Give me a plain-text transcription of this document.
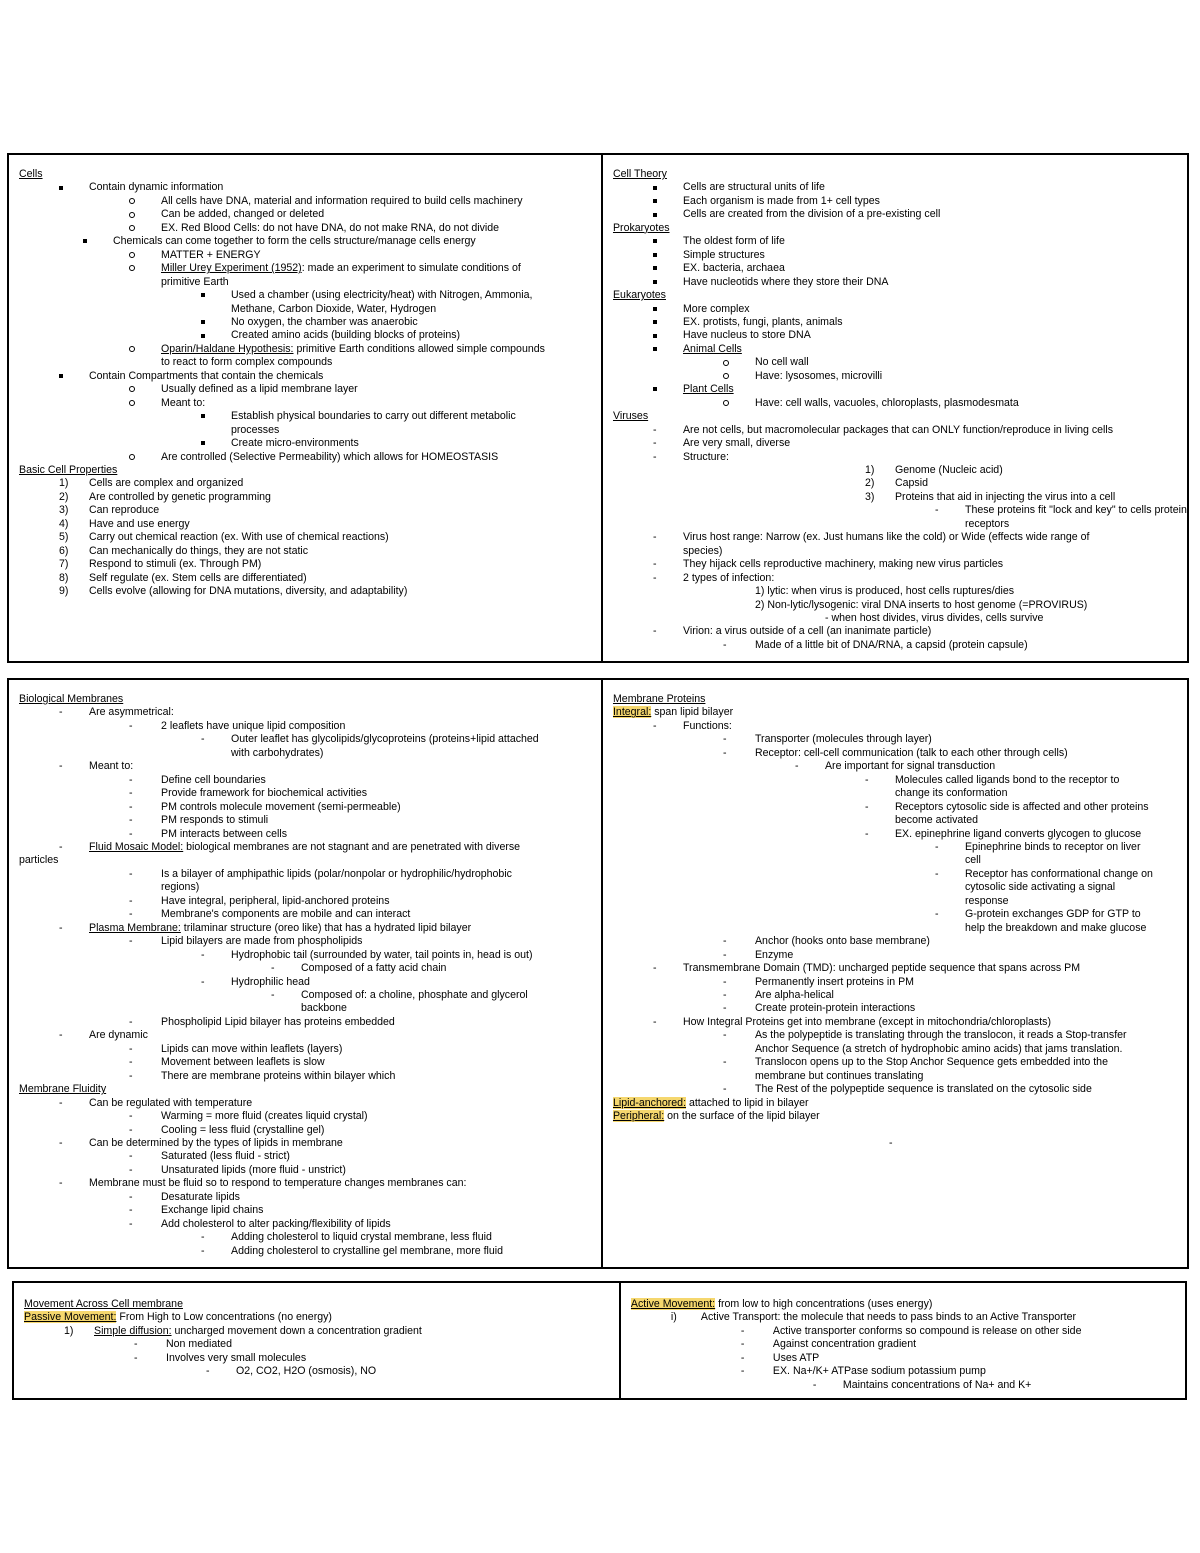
Cells
Contain dynamic information
All cells have DNA, material and information required to build cells machinery
Can be added, changed or deleted
EX. Red Blood Cells: do not have DNA, do not make RNA, do not divide
Chemicals can come together to form the cells structure/manage cells energy
MATTER + ENERGY
Miller Urey Experiment (1952): made an experiment to simulate conditions of
primitive Earth
Used a chamber (using electricity/heat) with Nitrogen, Ammonia,
Methane, Carbon Dioxide, Water, Hydrogen
No oxygen, the chamber was anaerobic
Created amino acids (building blocks of proteins)
Oparin/Haldane Hypothesis: primitive Earth conditions allowed simple compounds
to react to form complex compounds
Contain Compartments that contain the chemicals
Usually defined as a lipid membrane layer
Meant to:
Establish physical boundaries to carry out different metabolic
processes
Create micro-environments
Are controlled (Selective Permeability) which allows for HOMEOSTASIS
Basic Cell Properties
1) Cells are complex and organized
2) Are controlled by genetic programming
3) Can reproduce
4) Have and use energy
5) Carry out chemical reaction (ex. With use of chemical reactions)
6) Can mechanically do things, they are not static
7) Respond to stimuli (ex. Through PM)
8) Self regulate (ex. Stem cells are differentiated)
9) Cells evolve (allowing for DNA mutations, diversity, and adaptability)
Cell Theory
Cells are structural units of life
Each organism is made from 1+ cell types
Cells are created from the division of a pre-existing cell
Prokaryotes
The oldest form of life
Simple structures
EX. bacteria, archaea
Have nucleotids where they store their DNA
Eukaryotes
More complex
EX. protists, fungi, plants, animals
Have nucleus to store DNA
Animal Cells
No cell wall
Have: lysosomes, microvilli
Plant Cells
Have: cell walls, vacuoles, chloroplasts, plasmodesmata
Viruses
- Are not cells, but macromolecular packages that can ONLY function/reproduce in living cells
- Are very small, diverse
- Structure:
1) Genome (Nucleic acid)
2) Capsid
3) Proteins that aid in injecting the virus into a cell
- These proteins fit "lock and key" to cells protein
receptors
- Virus host range: Narrow (ex. Just humans like the cold) or Wide (effects wide range of
species)
- They hijack cells reproductive machinery, making new virus particles
- 2 types of infection:
1) lytic: when virus is produced, host cells ruptures/dies
2) Non-lytic/lysogenic: viral DNA inserts to host genome (=PROVIRUS)
- when host divides, virus divides, cells survive
- Virion: a virus outside of a cell (an inanimate particle)
-	Made of a little bit of DNA/RNA, a capsid (protein capsule)
Biological Membranes
- Are asymmetrical:
-	2 leaflets have unique lipid composition
- Outer leaflet has glycolipids/glycoproteins (proteins+lipid attached
with carbohydrates)
- Meant to:
-	Define cell boundaries
-	Provide framework for biochemical activities
-	PM controls molecule movement (semi-permeable)
-	PM responds to stimuli
-	PM interacts between cells
- Fluid Mosaic Model: biological membranes are not stagnant and are penetrated with diverse
particles
-	Is a bilayer of amphipathic lipids (polar/nonpolar or hydrophilic/hydrophobic
regions)
-	Have integral, peripheral, lipid-anchored proteins
-	Membrane's components are mobile and can interact
- Plasma Membrane: trilaminar structure (oreo like) that has a hydrated lipid bilayer
-	Lipid bilayers are made from phospholipids
- Hydrophobic tail (surrounded by water, tail points in, head is out)
- Composed of a fatty acid chain
- Hydrophilic head
- Composed of: a choline, phosphate and glycerol
backbone
-	Phospholipid Lipid bilayer has proteins embedded
- Are dynamic
-	Lipids can move within leaflets (layers)
-	Movement between leaflets is slow
-	There are membrane proteins within bilayer which
Membrane Fluidity
- Can be regulated with temperature
-	Warming = more fluid (creates liquid crystal)
-	Cooling = less fluid (crystalline gel)
- Can be determined by the types of lipids in membrane
-	Saturated (less fluid - strict)
-	Unsaturated lipids (more fluid - unstrict)
- Membrane must be fluid so to respond to temperature changes membranes can:
-	Desaturate lipids
-	Exchange lipid chains
-	Add cholesterol to alter packing/flexibility of lipids
- Adding cholesterol to liquid crystal membrane, less fluid
- Adding cholesterol to crystalline gel membrane, more fluid
Membrane Proteins
Integral: span lipid bilayer
- Functions:
-	Transporter (molecules through layer)
-	Receptor: cell-cell communication (talk to each other through cells)
- Are important for signal transduction
- Molecules called ligands bond to the receptor to
change its conformation
- Receptors cytosolic side is affected and other proteins
become activated
- EX. epinephrine ligand converts glycogen to glucose
- Epinephrine binds to receptor on liver
cell
- Receptor has conformational change on
cytosolic side activating a signal
response
- G-protein exchanges GDP for GTP to
help the breakdown and make glucose
-	Anchor (hooks onto base membrane)
-	Enzyme
- Transmembrane Domain (TMD): uncharged peptide sequence that spans across PM
-	Permanently insert proteins in PM
-	Are alpha-helical
-	Create protein-protein interactions
- How Integral Proteins get into membrane (except in mitochondria/chloroplasts)
-	As the polypeptide is translating through the translocon, it reads a Stop-transfer
Anchor Sequence (a stretch of hydrophobic amino acids) that jams translation.
-	Translocon opens up to the Stop Anchor Sequence gets embedded into the
membrane but continues translating
-	The Rest of the polypeptide sequence is translated on the cytosolic side
Lipid-anchored: attached to lipid in bilayer
Peripheral: on the surface of the lipid bilayer

-
Movement Across Cell membrane
Passive Movement: From High to Low concentrations (no energy)
1) Simple diffusion: uncharged movement down a concentration gradient
-	Non mediated
-	Involves very small molecules
- O2, CO2, H2O (osmosis), NO
Active Movement: from low to high concentrations (uses energy)
i) Active Transport: the molecule that needs to pass binds to an Active Transporter
-	Active transporter conforms so compound is release on other side
-	Against concentration gradient
-	Uses ATP
-	EX. Na+/K+ ATPase sodium potassium pump
- Maintains concentrations of Na+ and K+
